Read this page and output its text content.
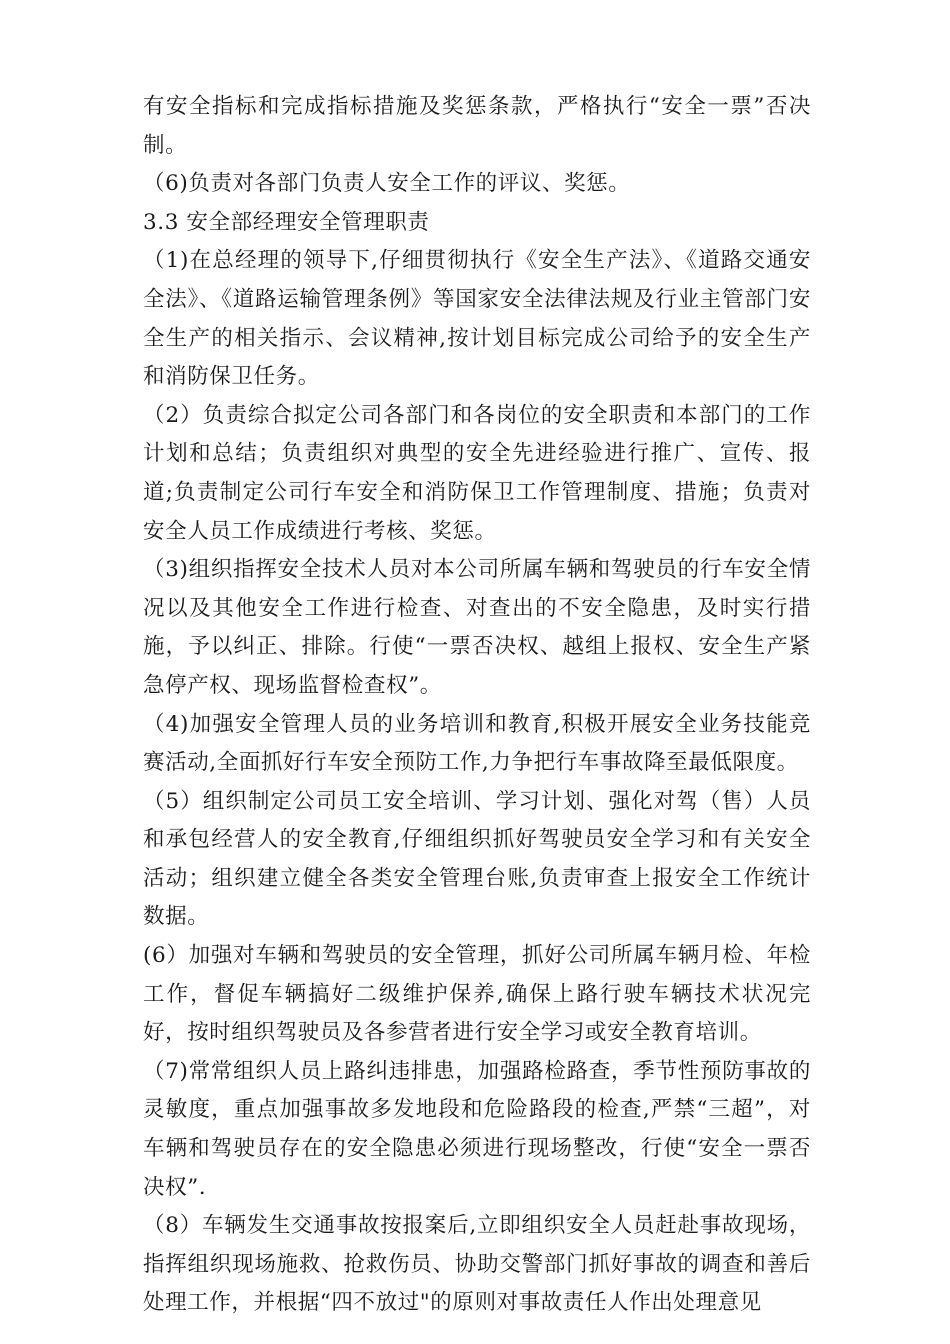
有安全指标和完成指标措施及奖惩条款，严格执行“安全一票”否决制。

（6)负责对各部门负责人安全工作的评议、奖惩。

3.3 安全部经理安全管理职责

（1)在总经理的领导下,仔细贯彻执行《安全生产法》、《道路交通安全法》、《道路运输管理条例》等国家安全法律法规及行业主管部门安全生产的相关指示、会议精神,按计划目标完成公司给予的安全生产和消防保卫任务。

（2）负责综合拟定公司各部门和各岗位的安全职责和本部门的工作计划和总结；负责组织对典型的安全先进经验进行推广、宣传、报道;负责制定公司行车安全和消防保卫工作管理制度、措施；负责对安全人员工作成绩进行考核、奖惩。

（3)组织指挥安全技术人员对本公司所属车辆和驾驶员的行车安全情况以及其他安全工作进行检查、对查出的不安全隐患，及时实行措施，予以纠正、排除。行使“一票否决权、越组上报权、安全生产紧急停产权、现场监督检查权”。

（4)加强安全管理人员的业务培训和教育,积极开展安全业务技能竞赛活动,全面抓好行车安全预防工作,力争把行车事故降至最低限度。

（5）组织制定公司员工安全培训、学习计划、强化对驾（售）人员和承包经营人的安全教育,仔细组织抓好驾驶员安全学习和有关安全活动；组织建立健全各类安全管理台账,负责审查上报安全工作统计数据。

(6）加强对车辆和驾驶员的安全管理，抓好公司所属车辆月检、年检工作，督促车辆搞好二级维护保养,确保上路行驶车辆技术状况完好，按时组织驾驶员及各参营者进行安全学习或安全教育培训。

（7)常常组织人员上路纠违排患，加强路检路查，季节性预防事故的灵敏度，重点加强事故多发地段和危险路段的检查,严禁“三超”，对车辆和驾驶员存在的安全隐患必须进行现场整改，行使“安全一票否决权”.

（8）车辆发生交通事故按报案后,立即组织安全人员赶赴事故现场，指挥组织现场施救、抢救伤员、协助交警部门抓好事故的调查和善后处理工作，并根据“四不放过"的原则对事故责任人作出处理意见
